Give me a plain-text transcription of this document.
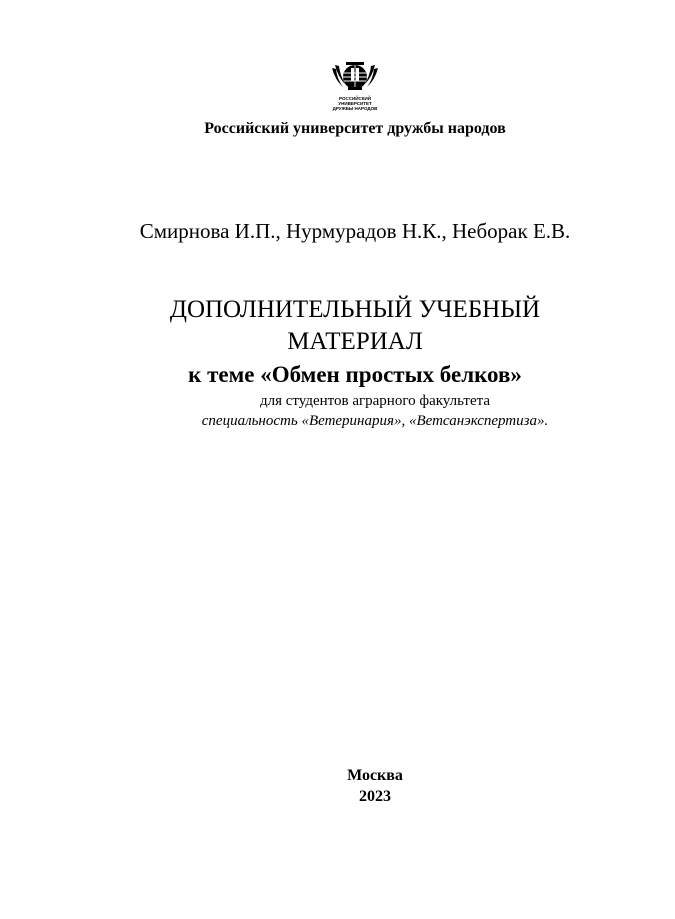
РОССИЙСКИЙ
УНИВЕРСИТЕТ
ДРУЖБЫ НАРОДОВ
Российский университет дружбы народов
Смирнова И.П., Нурмурадов Н.К., Неборак Е.В.
ДОПОЛНИТЕЛЬНЫЙ УЧЕБНЫЙ
МАТЕРИАЛ
к теме «Обмен простых белков»
для студентов аграрного факультета
специальность «Ветеринария», «Ветсанэкспертиза».
Москва
2023
